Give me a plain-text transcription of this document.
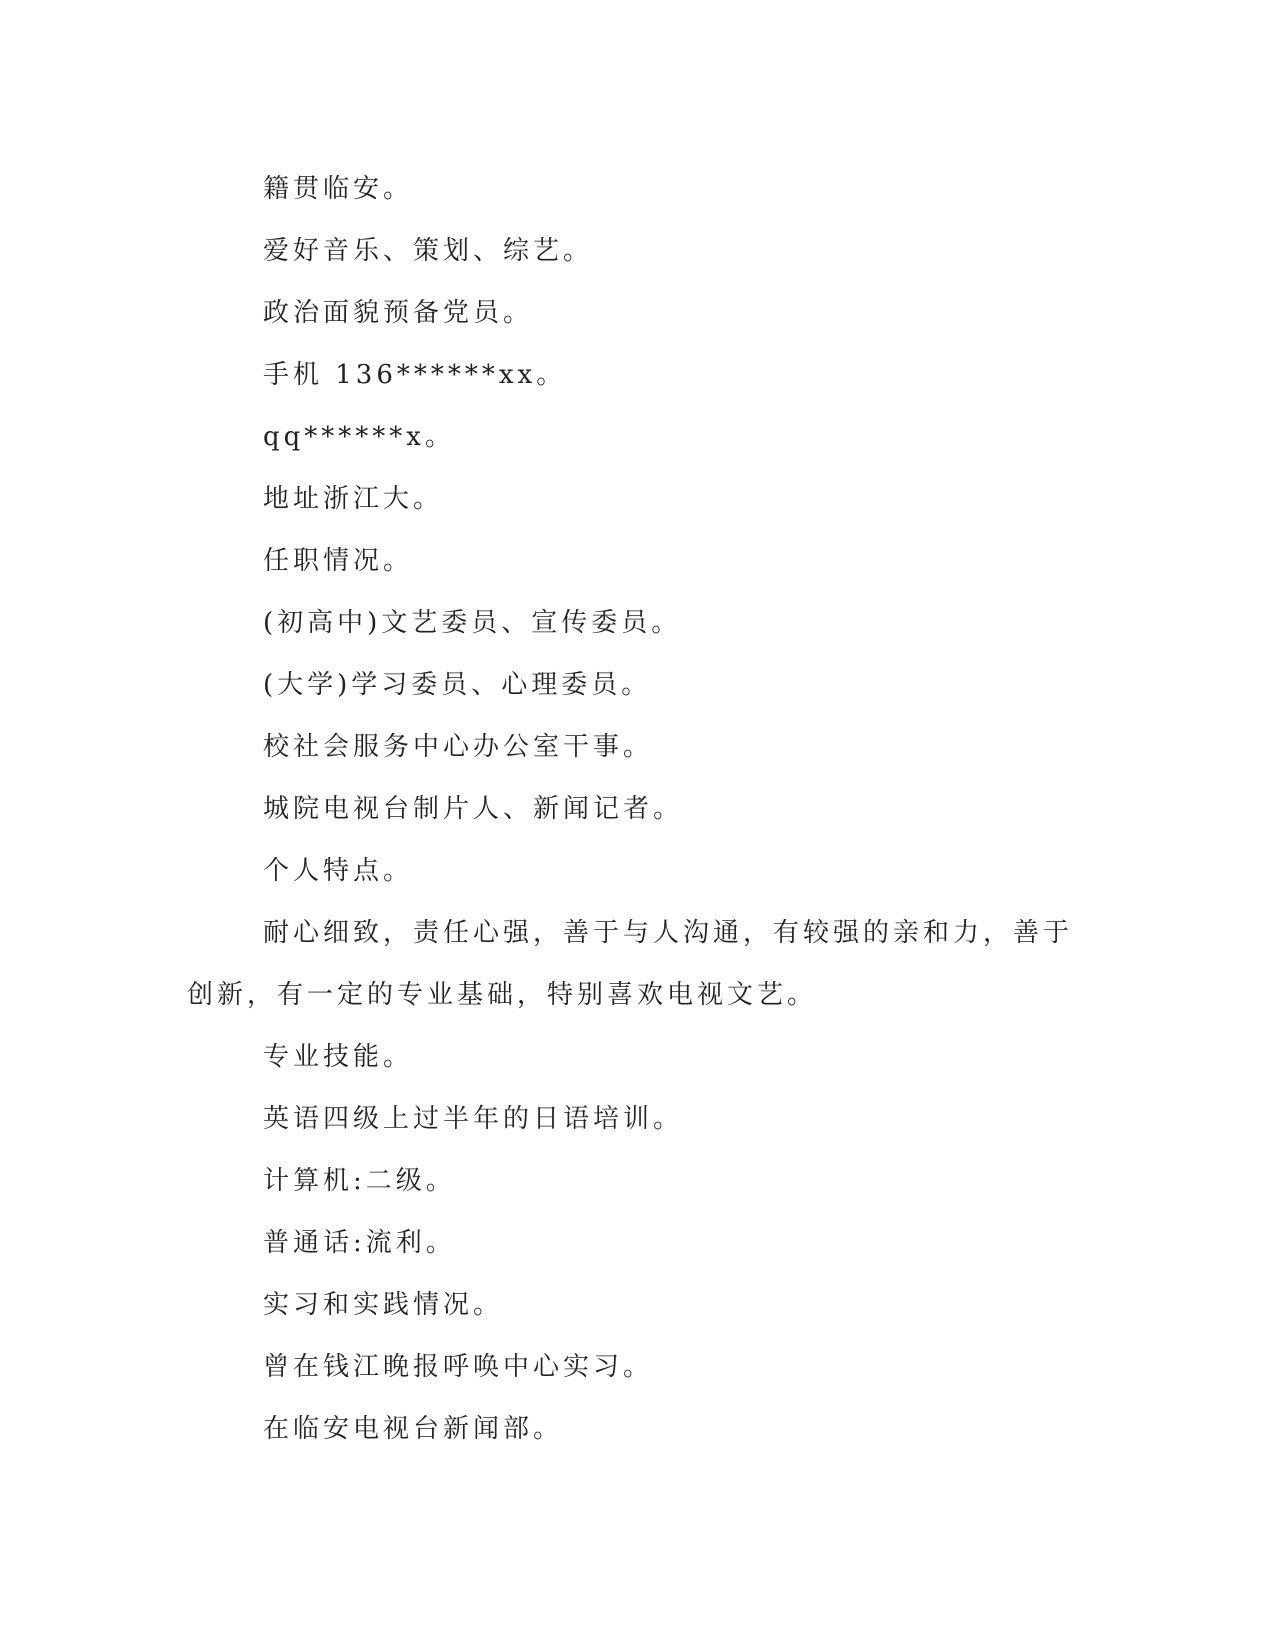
籍贯临安。

爱好音乐、策划、综艺。

政治面貌预备党员。

手机 136******xx。

qq******x。

地址浙江大。

任职情况。

(初高中)文艺委员、宣传委员。

(大学)学习委员、心理委员。

校社会服务中心办公室干事。

城院电视台制片人、新闻记者。

个人特点。

耐心细致，责任心强，善于与人沟通，有较强的亲和力，善于创新，有一定的专业基础，特别喜欢电视文艺。

专业技能。

英语四级上过半年的日语培训。

计算机:二级。

普通话:流利。

实习和实践情况。

曾在钱江晚报呼唤中心实习。

在临安电视台新闻部。
